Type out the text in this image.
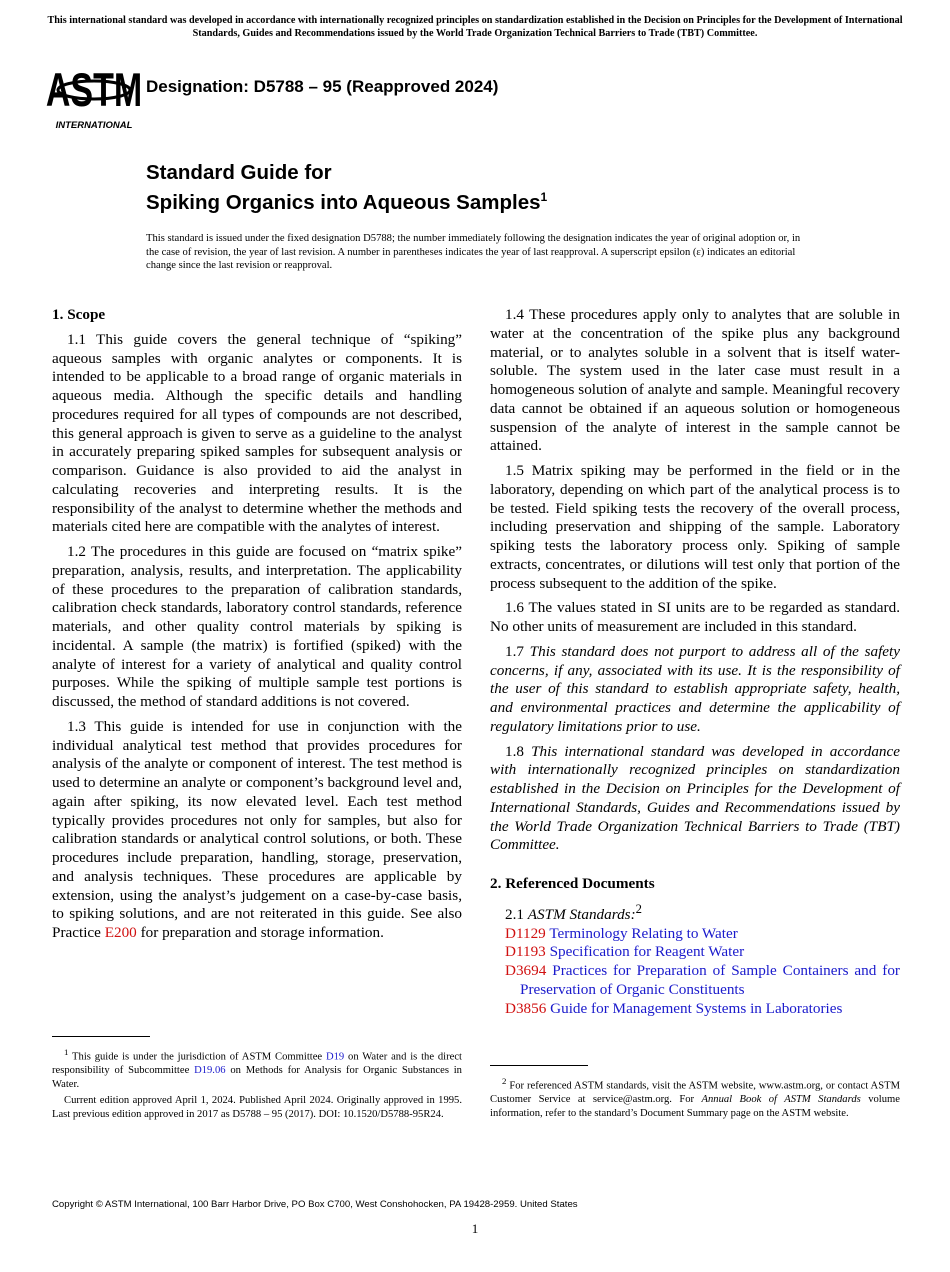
This international standard was developed in accordance with internationally recognized principles on standardization established in the Decision on Principles for the Development of International Standards, Guides and Recommendations issued by the World Trade Organization Technical Barriers to Trade (TBT) Committee.
ASTM
INTERNATIONAL
Designation: D5788 – 95 (Reapproved 2024)
Standard Guide for
Spiking Organics into Aqueous Samples$^1$
This standard is issued under the fixed designation D5788; the number immediately following the designation indicates the year of original adoption or, in the case of revision, the year of last revision. A number in parentheses indicates the year of last reapproval. A superscript epsilon (ε) indicates an editorial change since the last revision or reapproval.
1. Scope

1.1 This guide covers the general technique of “spiking” aqueous samples with organic analytes or components. It is intended to be applicable to a broad range of organic materials in aqueous media. Although the specific details and handling procedures required for all types of compounds are not described, this general approach is given to serve as a guideline to the analyst in accurately preparing spiked samples for subsequent analysis or comparison. Guidance is also provided to aid the analyst in calculating recoveries and interpreting results. It is the responsibility of the analyst to determine whether the methods and materials cited here are compatible with the analytes of interest.

1.2 The procedures in this guide are focused on “matrix spike” preparation, analysis, results, and interpretation. The applicability of these procedures to the preparation of calibration standards, calibration check standards, laboratory control standards, reference materials, and other quality control materials by spiking is incidental. A sample (the matrix) is fortified (spiked) with the analyte of interest for a variety of analytical and quality control purposes. While the spiking of multiple sample test portions is discussed, the method of standard additions is not covered.

1.3 This guide is intended for use in conjunction with the individual analytical test method that provides procedures for analysis of the analyte or component of interest. The test method is used to determine an analyte or component’s background level and, again after spiking, its now elevated level. Each test method typically provides procedures not only for samples, but also for calibration standards or analytical control solutions, or both. These procedures include preparation, handling, storage, preservation, and analysis techniques. These procedures are applicable by extension, using the analyst’s judgement on a case-by-case basis, to spiking solutions, and are not reiterated in this guide. See also Practice E200 for preparation and storage information.

1.4 These procedures apply only to analytes that are soluble in water at the concentration of the spike plus any background material, or to analytes soluble in a solvent that is itself water-soluble. The system used in the later case must result in a homogeneous solution of analyte and sample. Meaningful recovery data cannot be obtained if an aqueous solution or homogeneous suspension of the analyte of interest in the sample cannot be attained.

1.5 Matrix spiking may be performed in the field or in the laboratory, depending on which part of the analytical process is to be tested. Field spiking tests the recovery of the overall process, including preservation and shipping of the sample. Laboratory spiking tests the laboratory process only. Spiking of sample extracts, concentrates, or dilutions will test only that portion of the process subsequent to the addition of the spike.

1.6 The values stated in SI units are to be regarded as standard. No other units of measurement are included in this standard.

1.7 This standard does not purport to address all of the safety concerns, if any, associated with its use. It is the responsibility of the user of this standard to establish appropriate safety, health, and environmental practices and determine the applicability of regulatory limitations prior to use.

1.8 This international standard was developed in accordance with internationally recognized principles on standardization established in the Decision on Principles for the Development of International Standards, Guides and Recommendations issued by the World Trade Organization Technical Barriers to Trade (TBT) Committee.

2. Referenced Documents

2.1 ASTM Standards:$^2$

D1129 Terminology Relating to Water

D1193 Specification for Reagent Water

D3694 Practices for Preparation of Sample Containers and for Preservation of Organic Constituents

D3856 Guide for Management Systems in Laboratories

$^1$ This guide is under the jurisdiction of ASTM Committee D19 on Water and is the direct responsibility of Subcommittee D19.06 on Methods for Analysis for Organic Substances in Water.

Current edition approved April 1, 2024. Published April 2024. Originally approved in 1995. Last previous edition approved in 2017 as D5788 – 95 (2017). DOI: 10.1520/D5788-95R24.

$^2$ For referenced ASTM standards, visit the ASTM website, www.astm.org, or contact ASTM Customer Service at service@astm.org. For Annual Book of ASTM Standards volume information, refer to the standard’s Document Summary page on the ASTM website.

Copyright © ASTM International, 100 Barr Harbor Drive, PO Box C700, West Conshohocken, PA 19428-2959. United States
1
